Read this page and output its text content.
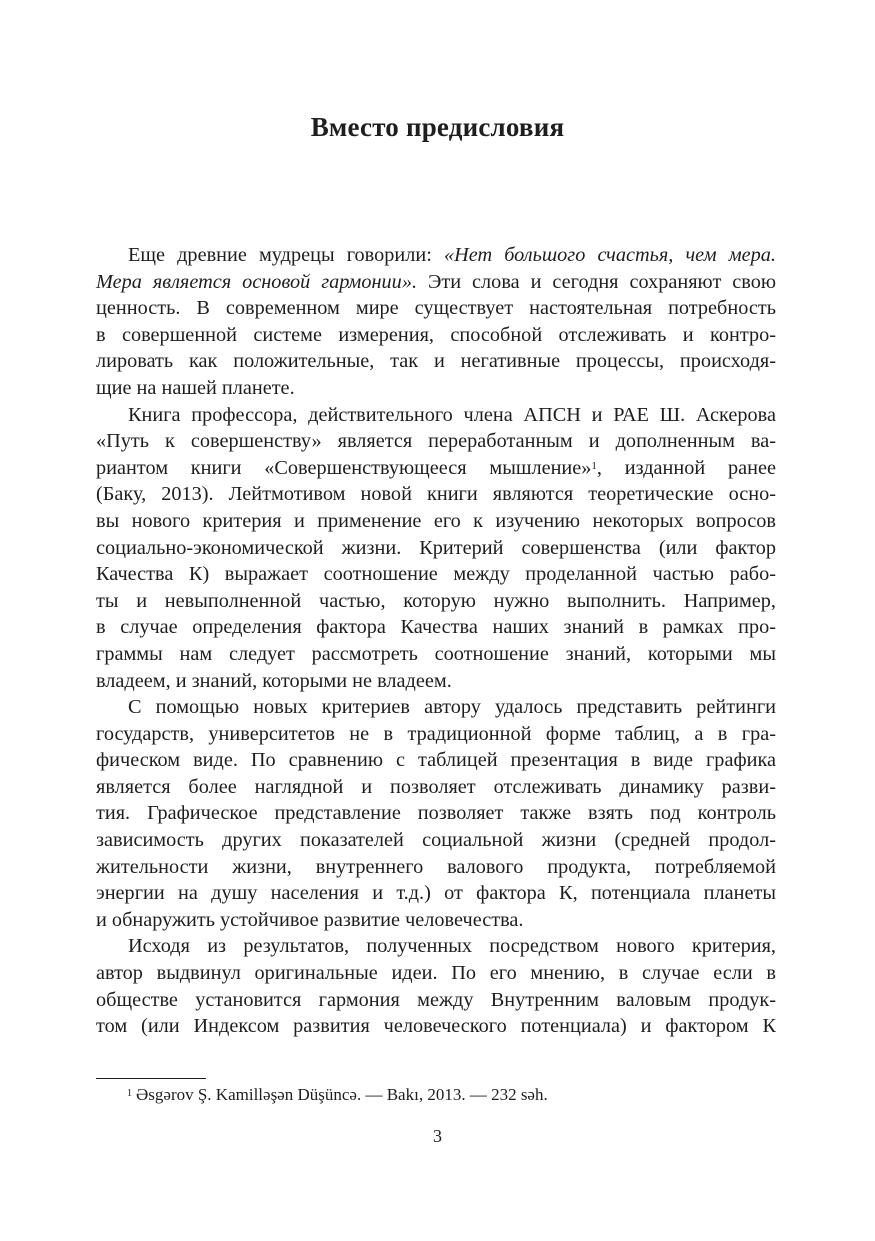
Вместо предисловия
Еще древние мудрецы говорили: «Нет большого счастья, чем мера.
Мера является основой гармонии». Эти слова и сегодня сохраняют свою
ценность. В современном мире существует настоятельная потребность
в совершенной системе измерения, способной отслеживать и контро-
лировать как положительные, так и негативные процессы, происходя-
щие на нашей планете.
Книга профессора, действительного члена АПСН и РАЕ Ш. Аскерова
«Путь к совершенству» является переработанным и дополненным ва-
риантом книги «Совершенствующееся мышление»$^1$, изданной ранее
(Баку, 2013). Лейтмотивом новой книги являются теоретические осно-
вы нового критерия и применение его к изучению некоторых вопросов
социально-экономической жизни. Критерий совершенства (или фактор
Качества К) выражает соотношение между проделанной частью рабо-
ты и невыполненной частью, которую нужно выполнить. Например,
в случае определения фактора Качества наших знаний в рамках про-
граммы нам следует рассмотреть соотношение знаний, которыми мы
владеем, и знаний, которыми не владеем.
С помощью новых критериев автору удалось представить рейтинги
государств, университетов не в традиционной форме таблиц, а в гра-
фическом виде. По сравнению с таблицей презентация в виде графика
является более наглядной и позволяет отслеживать динамику разви-
тия. Графическое представление позволяет также взять под контроль
зависимость других показателей социальной жизни (средней продол-
жительности жизни, внутреннего валового продукта, потребляемой
энергии на душу населения и т.д.) от фактора К, потенциала планеты
и обнаружить устойчивое развитие человечества.
Исходя из результатов, полученных посредством нового критерия,
автор выдвинул оригинальные идеи. По его мнению, в случае если в
обществе установится гармония между Внутренним валовым продук-
том (или Индексом развития человеческого потенциала) и фактором К
$^1$ Əsgərov Ş. Kamilləşən Düşüncə. — Bakı, 2013. — 232 səh.
3
